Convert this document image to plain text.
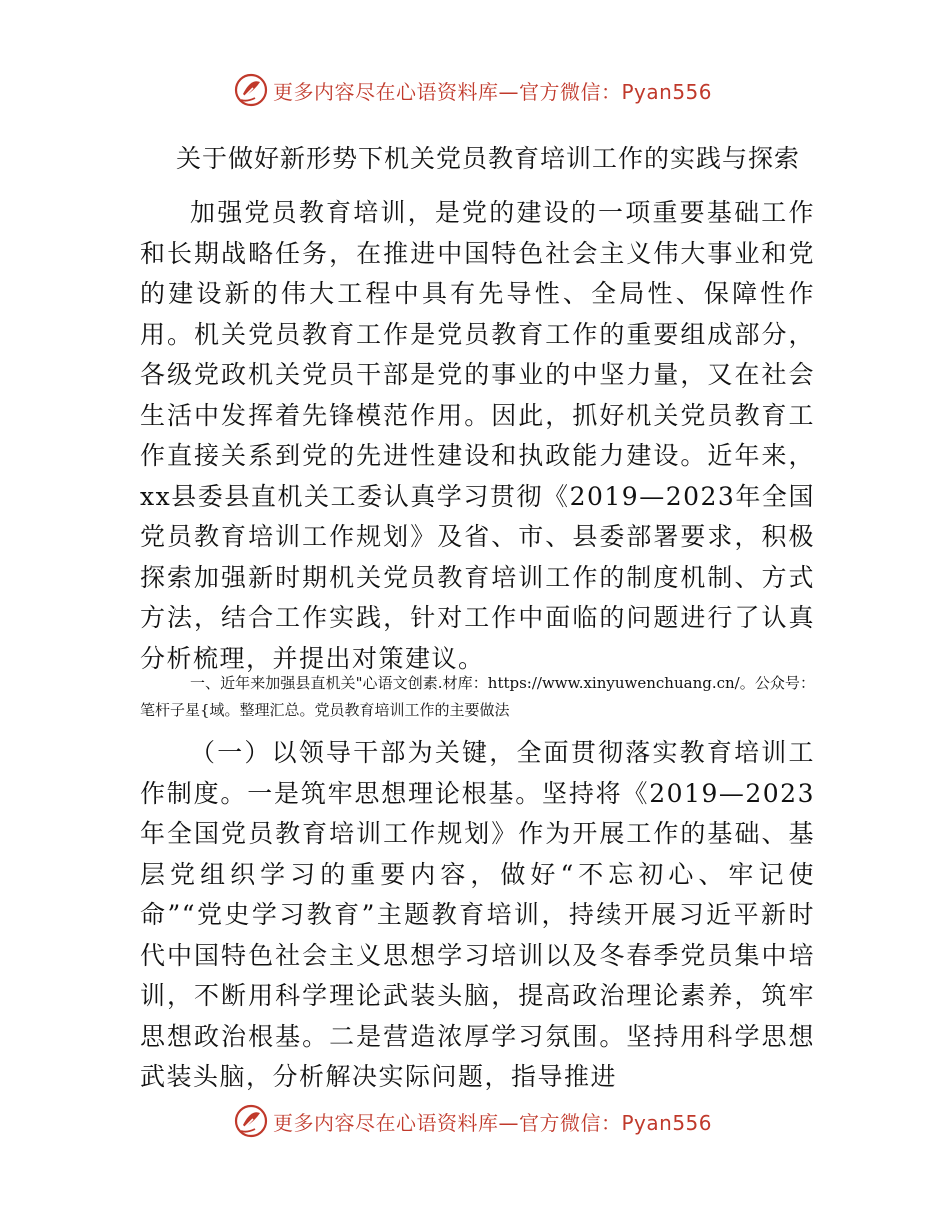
更多内容尽在心语资料库—官方微信：Pyan556
关于做好新形势下机关党员教育培训工作的实践与探索

加强党员教育培训，是党的建设的一项重要基础工作和长期战略任务，在推进中国特色社会主义伟大事业和党的建设新的伟大工程中具有先导性、全局性、保障性作用。机关党员教育工作是党员教育工作的重要组成部分，各级党政机关党员干部是党的事业的中坚力量，又在社会生活中发挥着先锋模范作用。因此，抓好机关党员教育工作直接关系到党的先进性建设和执政能力建设。近年来，xx县委县直机关工委认真学习贯彻《2019—2023年全国党员教育培训工作规划》及省、市、县委部署要求，积极探索加强新时期机关党员教育培训工作的制度机制、方式方法，结合工作实践，针对工作中面临的问题进行了认真分析梳理，并提出对策建议。

一、近年来加强县直机关"心语文创素.材库：https://www.xinyuwenchuang.cn/。公众号：笔杆子星{域。整理汇总。党员教育培训工作的主要做法

（一）以领导干部为关键，全面贯彻落实教育培训工作制度。一是筑牢思想理论根基。坚持将《2019—2023年全国党员教育培训工作规划》作为开展工作的基础、基层党组织学习的重要内容，做好“不忘初心、牢记使命”“党史学习教育”主题教育培训，持续开展习近平新时代中国特色社会主义思想学习培训以及冬春季党员集中培训，不断用科学理论武装头脑，提高政治理论素养，筑牢思想政治根基。二是营造浓厚学习氛围。坚持用科学思想武装头脑，分析解决实际问题，指导推进

更多内容尽在心语资料库—官方微信：Pyan556
